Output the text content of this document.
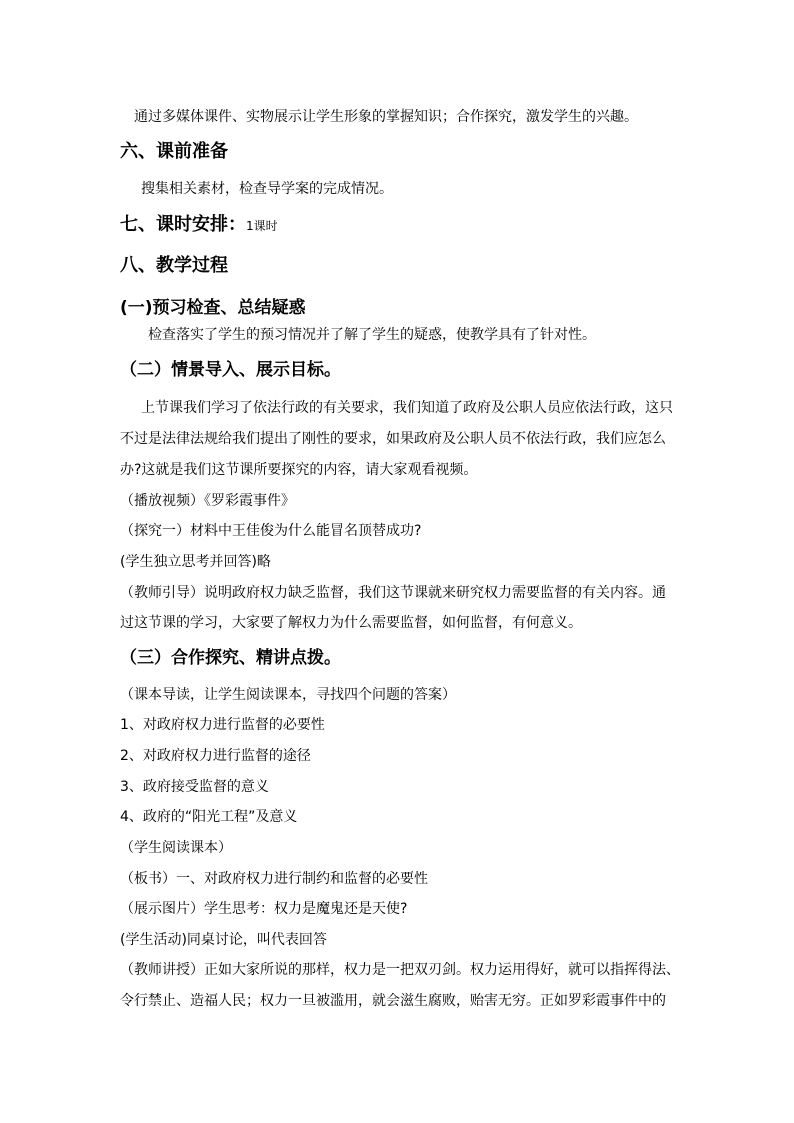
通过多媒体课件、实物展示让学生形象的掌握知识；合作探究，激发学生的兴趣。
六、课前准备
搜集相关素材，检查导学案的完成情况。
七、课时安排：1课时
八、教学过程
(一)预习检查、总结疑惑
检查落实了学生的预习情况并了解了学生的疑惑，使教学具有了针对性。
（二）情景导入、展示目标。
上节课我们学习了依法行政的有关要求，我们知道了政府及公职人员应依法行政，这只
不过是法律法规给我们提出了刚性的要求，如果政府及公职人员不依法行政，我们应怎么
办?这就是我们这节课所要探究的内容，请大家观看视频。
（播放视频）《罗彩霞事件》
（探究一）材料中王佳俊为什么能冒名顶替成功?
(学生独立思考并回答)略
（教师引导）说明政府权力缺乏监督，我们这节课就来研究权力需要监督的有关内容。通
过这节课的学习，大家要了解权力为什么需要监督，如何监督，有何意义。
（三）合作探究、精讲点拨。
（课本导读，让学生阅读课本，寻找四个问题的答案）
1、对政府权力进行监督的必要性
2、对政府权力进行监督的途径
3、政府接受监督的意义
4、政府的“阳光工程”及意义
（学生阅读课本）
（板书）一、对政府权力进行制约和监督的必要性
（展示图片）学生思考：权力是魔鬼还是天使?
(学生活动)同桌讨论，叫代表回答
（教师讲授）正如大家所说的那样，权力是一把双刃剑。权力运用得好，就可以指挥得法、
令行禁止、造福人民；权力一旦被滥用，就会滋生腐败，贻害无穷。正如罗彩霞事件中的
